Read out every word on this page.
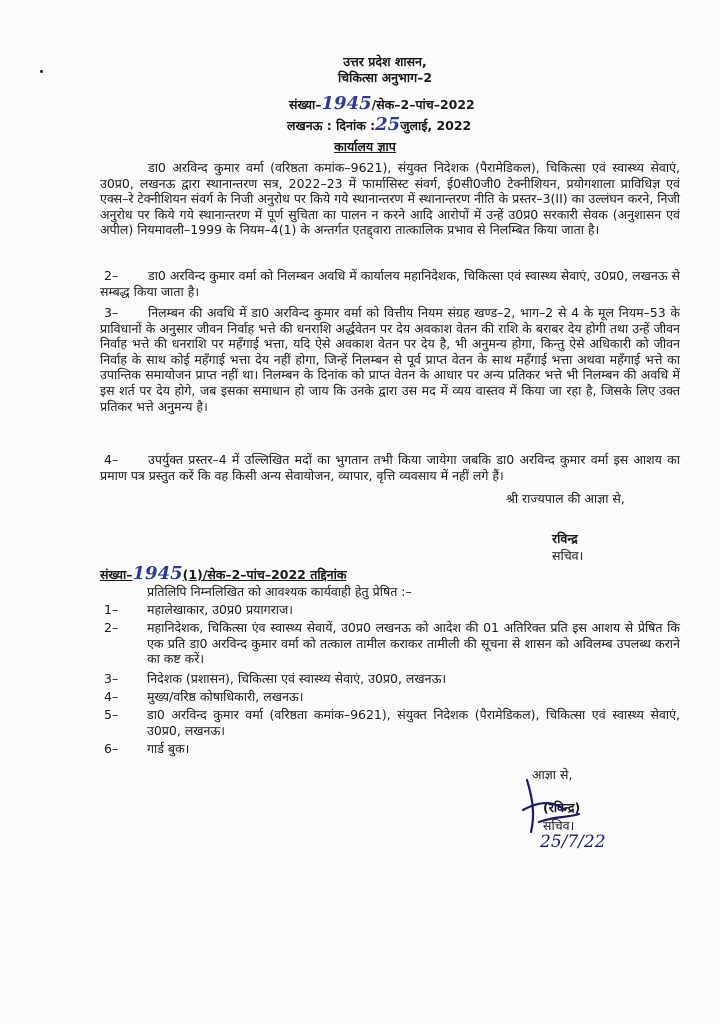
उत्तर प्रदेश शासन,
चिकित्सा अनुभाग–2
संख्या–1945/सेक–2–पांच–2022
लखनऊ : दिनांक :25जुलाई, 2022
कार्यालय ज्ञाप
डा0 अरविन्द कुमार वर्मा (वरिष्ठता कमांक–9621), संयुक्त निदेशक (पैरामेडिकल), चिकित्सा एवं स्वास्थ्य सेवाएं, उ0प्र0, लखनऊ द्वारा स्थानान्तरण सत्र, 2022–23 में फार्मासिस्ट संवर्ग, ई0सी0जी0 टेक्नीशियन, प्रयोगशाला प्राविधिज्ञ एवं एक्स–रे टेक्नीशियन संवर्ग के निजी अनुरोध पर किये गये स्थानान्तरण में स्थानान्तरण नीति के प्रस्तर–3(II) का उल्लंघन करने, निजी अनुरोध पर किये गये स्थानान्तरण में पूर्ण सुचिता का पालन न करने आदि आरोपों में उन्हें उ0प्र0 सरकारी सेवक (अनुशासन एवं अपील) नियमावली–1999 के नियम–4(1) के अन्तर्गत एतद्द्वारा तात्कालिक प्रभाव से निलम्बित किया जाता है।
2–	डा0 अरविन्द कुमार वर्मा को निलम्बन अवधि में कार्यालय महानिदेशक, चिकित्सा एवं स्वास्थ्य सेवाएं, उ0प्र0, लखनऊ से सम्बद्ध किया जाता है।
3–	निलम्बन की अवधि में डा0 अरविन्द कुमार वर्मा को वित्तीय नियम संग्रह खण्ड–2, भाग–2 से 4 के मूल नियम–53 के प्राविधानों के अनुसार जीवन निर्वाह भत्ते की धनराशि अर्द्धवेतन पर देय अवकाश वेतन की राशि के बराबर देय होगी तथा उन्हें जीवन निर्वाह भत्ते की धनराशि पर महँगाई भत्ता, यदि ऐसे अवकाश वेतन पर देय है, भी अनुमन्य होगा, किन्तु ऐसे अधिकारी को जीवन निर्वाह के साथ कोई महँगाई भत्ता देय नहीं होगा, जिन्हें निलम्बन से पूर्व प्राप्त वेतन के साथ महँगाई भत्ता अथवा महँगाई भत्ते का उपान्तिक समायोजन प्राप्त नहीं था। निलम्बन के दिनांक को प्राप्त वेतन के आधार पर अन्य प्रतिकर भत्ते भी निलम्बन की अवधि में इस शर्त पर देय होगे, जब इसका समाधान हो जाय कि उनके द्वारा उस मद में व्यय वास्तव में किया जा रहा है, जिसके लिए उक्त प्रतिकर भत्ते अनुमन्य है।
4–	उपर्युक्त प्रस्तर–4 में उल्लिखित मदों का भुगतान तभी किया जायेगा जबकि डा0 अरविन्द कुमार वर्मा इस आशय का प्रमाण पत्र प्रस्तुत करें कि वह किसी अन्य सेवायोजन, व्यापार, वृत्ति व्यवसाय में नहीं लगे हैं।
श्री राज्यपाल की आज्ञा से,
रविन्द्र
सचिव।
संख्या–1945(1)/सेक–2–पांच–2022 तद्दिनांक
प्रतिलिपि निम्नलिखित को आवश्यक कार्यवाही हेतु प्रेषित :–
1– महालेखाकार, उ0प्र0 प्रयागराज।
2– महानिदेशक, चिकित्सा एंव स्वास्थ्य सेवायें, उ0प्र0 लखनऊ को आदेश की 01 अतिरिक्त प्रति इस आशय से प्रेषित कि एक प्रति डा0 अरविन्द कुमार वर्मा को तत्काल तामील कराकर तामीली की सूचना से शासन को अविलम्ब उपलब्ध कराने का कष्ट करें।
3– निदेशक (प्रशासन), चिकित्सा एवं स्वास्थ्य सेवाएं, उ0प्र0, लखनऊ।
4– मुख्य/वरिष्ठ कोषाधिकारी, लखनऊ।
5– डा0 अरविन्द कुमार वर्मा (वरिष्ठता कमांक–9621), संयुक्त निदेशक (पैरामेडिकल), चिकित्सा एवं स्वास्थ्य सेवाएं, उ0प्र0, लखनऊ।
6– गार्ड बुक।
आज्ञा से,
(रविन्द्र)
सचिव।
25/7/22
